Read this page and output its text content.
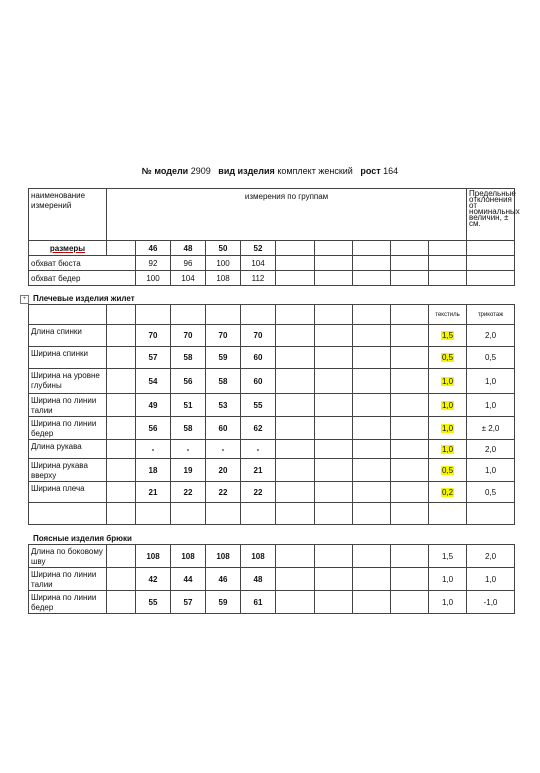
№ модели 2909 вид изделия комплект женский рост 164
наименование измерений	измерения по группам										Предельные отклонения от номинальных величин, ± см.
размеры		46	48	50	52						
обхват бюста		92	96	100	104						
обхват бедер		100	104	108	112						
+ Плечевые изделия жилет
										текстиль	трикотаж
Длина спинки		70	70	70	70					1,5	2,0
Ширина спинки		57	58	59	60					0,5	0,5
Ширина на уровне глубины		54	56	58	60					1,0	1,0
Ширина по линии талии		49	51	53	55					1,0	1,0
Ширина по линии бедер		56	58	60	62					1,0	± 2,0
Длина рукава		-	-	-	-					1,0	2,0
Ширина рукава вверху		18	19	20	21					0,5	1,0
Ширина плеча		21	22	22	22					0,2	0,5

Поясные изделия брюки
Длина по боковому шву		108	108	108	108					1,5	2,0
Ширина по линии талии		42	44	46	48					1,0	1,0
Ширина по линии бедер		55	57	59	61					1,0	-1,0
